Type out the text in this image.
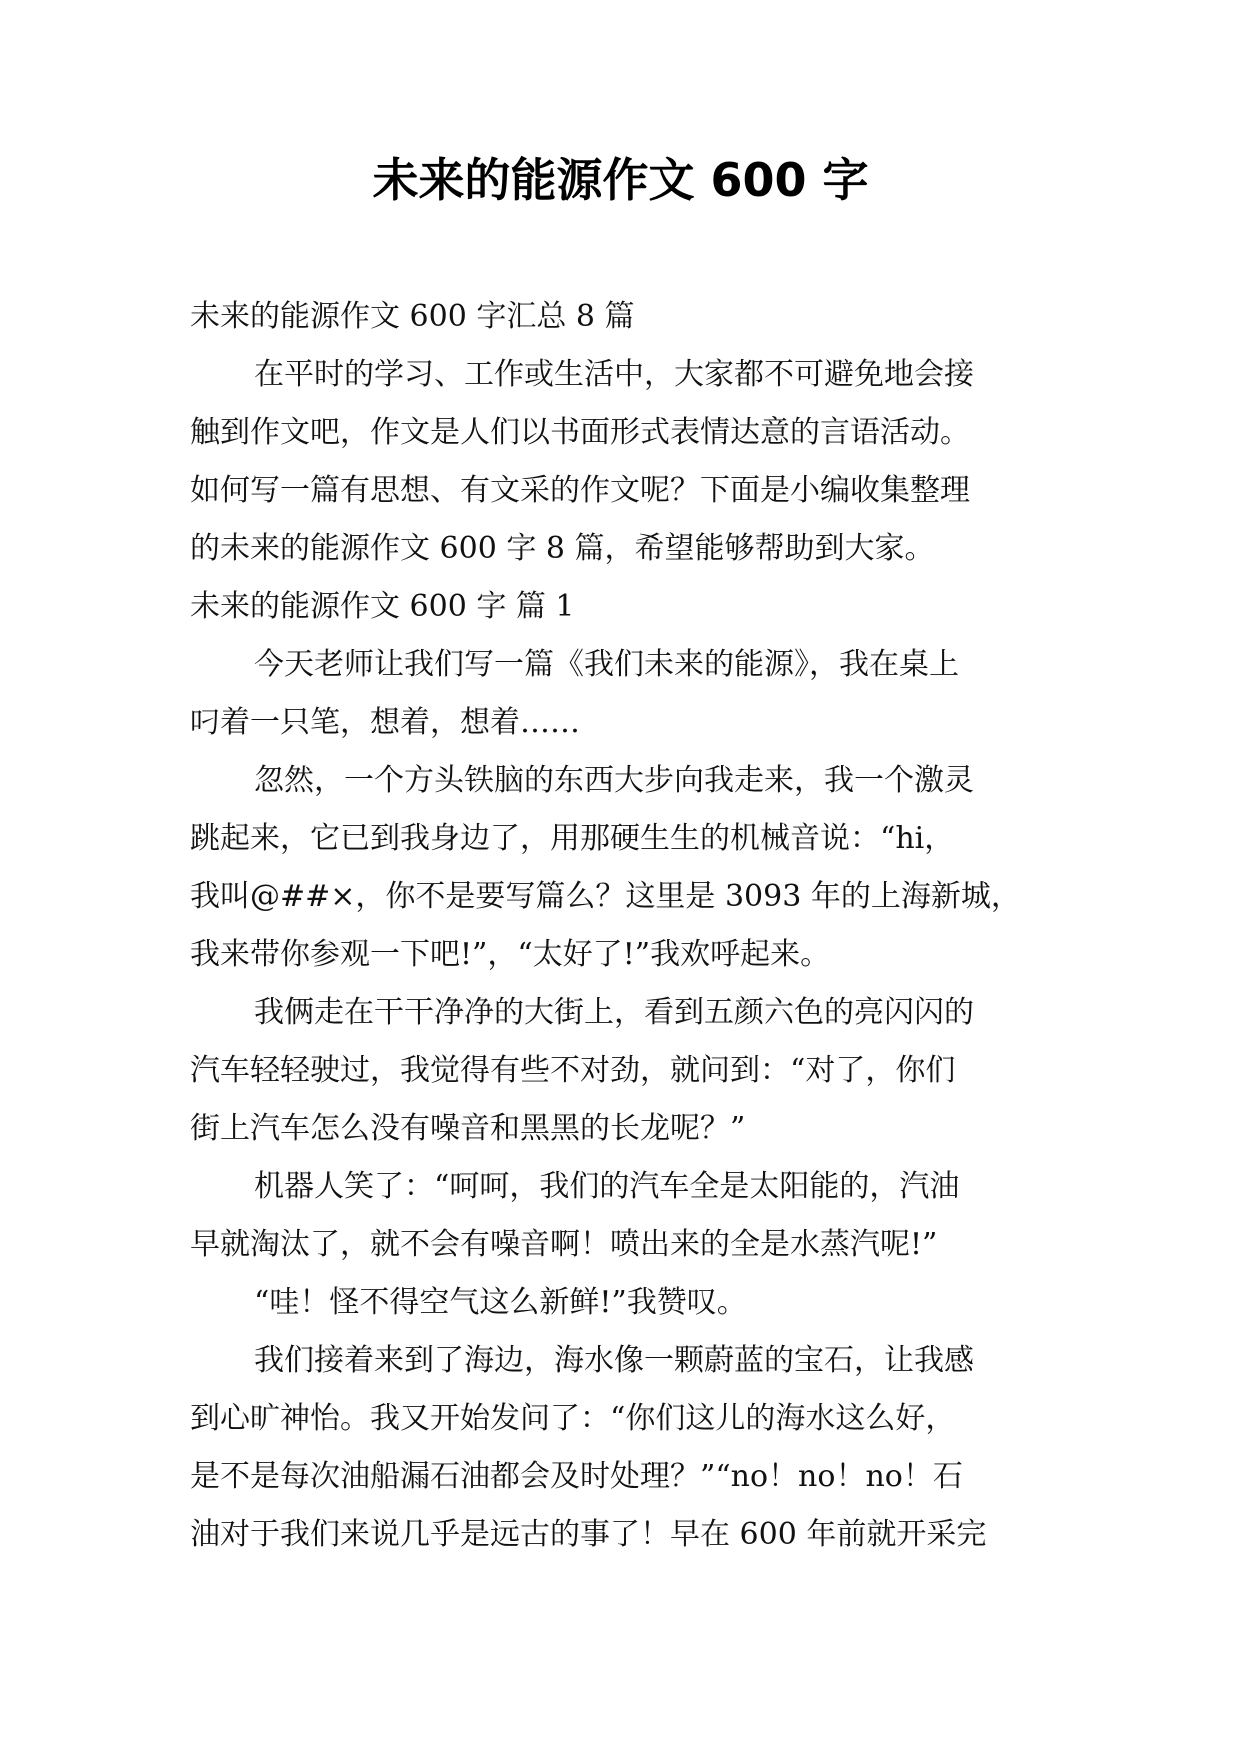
未来的能源作文 600 字

未来的能源作文 600 字汇总 8 篇

在平时的学习、工作或生活中，大家都不可避免地会接

触到作文吧，作文是人们以书面形式表情达意的言语活动。

如何写一篇有思想、有文采的作文呢？下面是小编收集整理

的未来的能源作文 600 字 8 篇，希望能够帮助到大家。

未来的能源作文 600 字 篇 1

今天老师让我们写一篇《我们未来的能源》，我在桌上

叼着一只笔，想着，想着……

忽然，一个方头铁脑的东西大步向我走来，我一个激灵

跳起来，它已到我身边了，用那硬生生的机械音说：“hi，

我叫@##×，你不是要写篇么？这里是 3093 年的上海新城，

我来带你参观一下吧!”，“太好了!”我欢呼起来。

我俩走在干干净净的大街上，看到五颜六色的亮闪闪的

汽车轻轻驶过，我觉得有些不对劲，就问到：“对了，你们

街上汽车怎么没有噪音和黑黑的长龙呢？”

机器人笑了：“呵呵，我们的汽车全是太阳能的，汽油

早就淘汰了，就不会有噪音啊！喷出来的全是水蒸汽呢!”

“哇！怪不得空气这么新鲜!”我赞叹。

我们接着来到了海边，海水像一颗蔚蓝的宝石，让我感

到心旷神怡。我又开始发问了：“你们这儿的海水这么好，

是不是每次油船漏石油都会及时处理？”“no！no！no！石

油对于我们来说几乎是远古的事了！早在 600 年前就开采完
